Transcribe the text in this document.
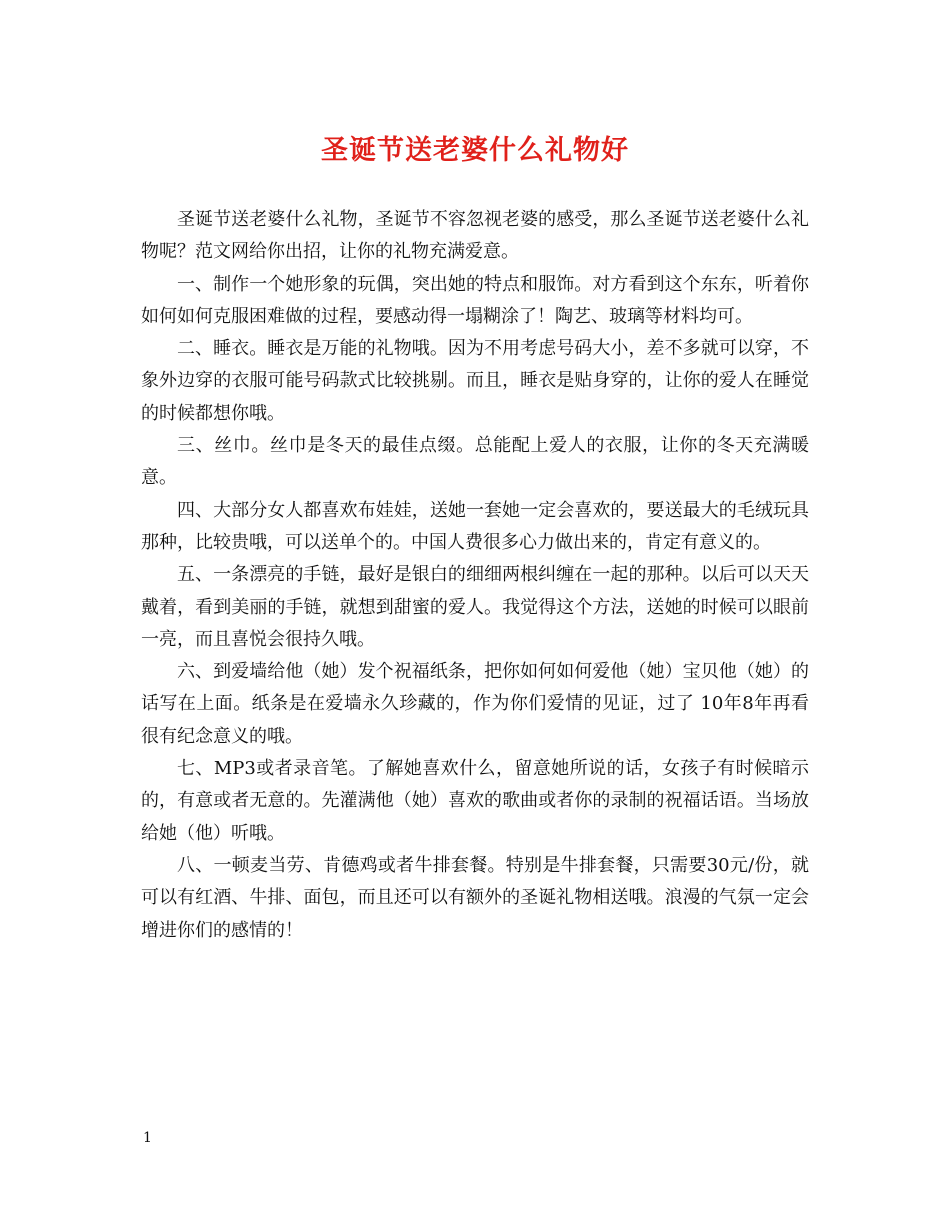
圣诞节送老婆什么礼物好

圣诞节送老婆什么礼物，圣诞节不容忽视老婆的感受，那么圣诞节送老婆什么礼物呢？范文网给你出招，让你的礼物充满爱意。

一、制作一个她形象的玩偶，突出她的特点和服饰。对方看到这个东东，听着你如何如何克服困难做的过程，要感动得一塌糊涂了！陶艺、玻璃等材料均可。

二、睡衣。睡衣是万能的礼物哦。因为不用考虑号码大小，差不多就可以穿，不象外边穿的衣服可能号码款式比较挑剔。而且，睡衣是贴身穿的，让你的爱人在睡觉的时候都想你哦。

三、丝巾。丝巾是冬天的最佳点缀。总能配上爱人的衣服，让你的冬天充满暖意。

四、大部分女人都喜欢布娃娃，送她一套她一定会喜欢的，要送最大的毛绒玩具那种，比较贵哦，可以送单个的。中国人费很多心力做出来的，肯定有意义的。

五、一条漂亮的手链，最好是银白的细细两根纠缠在一起的那种。以后可以天天戴着，看到美丽的手链，就想到甜蜜的爱人。我觉得这个方法，送她的时候可以眼前一亮，而且喜悦会很持久哦。

六、到爱墙给他（她）发个祝福纸条，把你如何如何爱他（她）宝贝他（她）的话写在上面。纸条是在爱墙永久珍藏的，作为你们爱情的见证，过了 10年8年再看很有纪念意义的哦。

七、MP3或者录音笔。了解她喜欢什么，留意她所说的话，女孩子有时候暗示的，有意或者无意的。先灌满他（她）喜欢的歌曲或者你的录制的祝福话语。当场放给她（他）听哦。

八、一顿麦当劳、肯德鸡或者牛排套餐。特别是牛排套餐，只需要30元/份，就可以有红酒、牛排、面包，而且还可以有额外的圣诞礼物相送哦。浪漫的气氛一定会增进你们的感情的！

1
